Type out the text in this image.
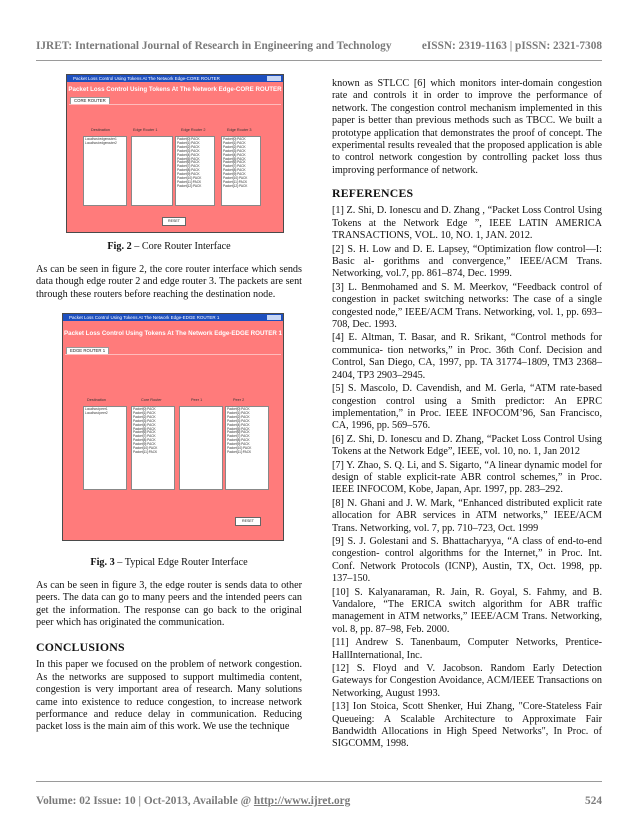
IJRET: International Journal of Research in Engineering and Technology	eISSN: 2319-1163 | pISSN: 2321-7308
Packet Loss Control Using Tokens At The Network Edge-CORE ROUTER
Packet Loss Control Using Tokens At The Network Edge-CORE ROUTER
CORE ROUTER
Destination	Edge Router 1	Edge Router 2	Edge Router 3
Localhost:edgerouter1
Localhost:edgerouter2
Packet[0]:PACK
Packet[1]:PACK
Packet[2]:PACK
Packet[3]:PACK
Packet[4]:PACK
Packet[5]:PACK
Packet[6]:PACK
Packet[7]:PACK
Packet[8]:PACK
Packet[9]:PACK
Packet[10]:PACK
Packet[11]:PACK
Packet[12]:PACK
Packet[0]:PACK
Packet[1]:PACK
Packet[2]:PACK
Packet[3]:PACK
Packet[4]:PACK
Packet[5]:PACK
Packet[6]:PACK
Packet[7]:PACK
Packet[8]:PACK
Packet[9]:PACK
Packet[10]:PACK
Packet[11]:PACK
Packet[12]:PACK
RESET
Fig. 2 – Core Router Interface
As can be seen in figure 2, the core router interface which sends data though edge router 2 and edge router 3. The packets are sent through these routers before reaching the destination node.
Packet Loss Control Using Tokens At The Network Edge-EDGE ROUTER 1
Packet Loss Control Using Tokens At The Network Edge-EDGE ROUTER 1
EDGE ROUTER 1
Destination	Core Router	Peer 1	Peer 2
Localhost:peer1
Localhost:peer2
Packet[0]:PACK
Packet[1]:PACK
Packet[2]:PACK
Packet[3]:PACK
Packet[4]:PACK
Packet[5]:PACK
Packet[6]:PACK
Packet[7]:PACK
Packet[8]:PACK
Packet[9]:PACK
Packet[10]:PACK
Packet[11]:PACK
Packet[0]:PACK
Packet[1]:PACK
Packet[2]:PACK
Packet[3]:PACK
Packet[4]:PACK
Packet[5]:PACK
Packet[6]:PACK
Packet[7]:PACK
Packet[8]:PACK
Packet[9]:PACK
Packet[10]:PACK
Packet[11]:PACK
RESET
Fig. 3 – Typical Edge Router Interface
As can be seen in figure 3, the edge router is sends data to other peers. The data can go to many peers and the intended peers can get the information. The response can go back to the original peer which has originated the communication.
CONCLUSIONS

In this paper we focused on the problem of network congestion. As the networks are supposed to support multimedia content, congestion is very important area of research. Many solutions came into existence to reduce congestion, to increase network performance and reduce delay in communication. Reducing packet loss is the main aim of this work. We use the technique

known as STLCC [6] which monitors inter-domain congestion rate and controls it in order to improve the performance of network. The congestion control mechanism implemented in this paper is better than previous methods such as TBCC. We built a prototype application that demonstrates the proof of concept. The experimental results revealed that the proposed application is able to control network congestion by controlling packet loss thus improving performance of network.
REFERENCES

[1] Z. Shi, D. Ionescu and D. Zhang , “Packet Loss Control Using Tokens at the Network Edge ”, IEEE LATIN AMERICA TRANSACTIONS, VOL. 10, NO. 1, JAN. 2012.

[2] S. H. Low and D. E. Lapsey, “Optimization flow control—I: Basic al- gorithms and convergence,” IEEE/ACM Trans. Networking, vol.7, pp. 861–874, Dec. 1999.

[3] L. Benmohamed and S. M. Meerkov, “Feedback control of congestion in packet switching networks: The case of a single congested node,” IEEE/ACM Trans. Networking, vol. 1, pp. 693–708, Dec. 1993.

[4] E. Altman, T. Basar, and R. Srikant, “Control methods for communica- tion networks,” in Proc. 36th Conf. Decision and Control, San Diego, CA, 1997, pp. TA 31774–1809, TM3 2368–2404, TP3 2903–2945.

[5] S. Mascolo, D. Cavendish, and M. Gerla, “ATM rate-based congestion control using a Smith predictor: An EPRC implementation,” in Proc. IEEE INFOCOM’96, San Francisco, CA, 1996, pp. 569–576.

[6] Z. Shi, D. Ionescu and D. Zhang, “Packet Loss Control Using Tokens at the Network Edge”, IEEE, vol. 10, no. 1, Jan 2012

[7] Y. Zhao, S. Q. Li, and S. Sigarto, “A linear dynamic model for design of stable explicit-rate ABR control schemes,” in Proc. IEEE INFOCOM, Kobe, Japan, Apr. 1997, pp. 283–292.

[8] N. Ghani and J. W. Mark, “Enhanced distributed explicit rate allocation for ABR services in ATM networks,” IEEE/ACM Trans. Networking, vol. 7, pp. 710–723, Oct. 1999

[9] S. J. Golestani and S. Bhattacharyya, “A class of end-to-end congestion- control algorithms for the Internet,” in Proc. Int. Conf. Network Protocols (ICNP), Austin, TX, Oct. 1998, pp. 137–150.

[10] S. Kalyanaraman, R. Jain, R. Goyal, S. Fahmy, and B. Vandalore, “The ERICA switch algorithm for ABR traffic management in ATM networks,” IEEE/ACM Trans. Networking, vol. 8, pp. 87–98, Feb. 2000.

[11] Andrew S. Tanenbaum, Computer Networks, Prentice-HallInternational, Inc.

[12] S. Floyd and V. Jacobson. Random Early Detection Gateways for Congestion Avoidance, ACM/IEEE Transactions on Networking, August 1993.

[13] Ion Stoica, Scott Shenker, Hui Zhang, "Core-Stateless Fair Queueing: A Scalable Architecture to Approximate Fair Bandwidth Allocations in High Speed Networks", In Proc. of SIGCOMM, 1998.

Volume: 02 Issue: 10 | Oct-2013, Available @ http://www.ijret.org	524
